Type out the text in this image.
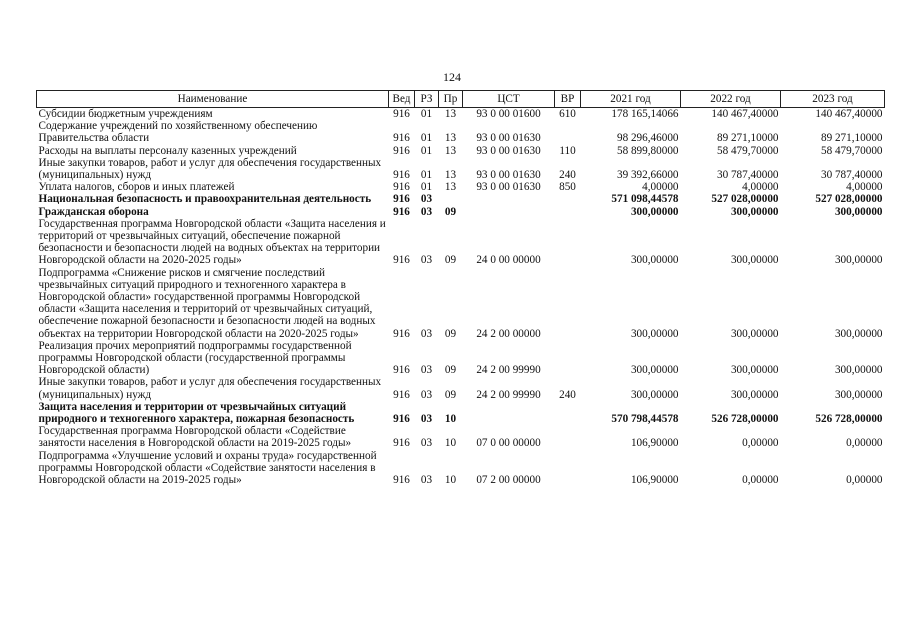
124
Наименование	Вед	РЗ	Пр	ЦСТ	ВР	2021 год	2022 год	2023 год
Субсидии бюджетным учреждениям	916	01	13	93 0 00 01600	610	178 165,14066	140 467,40000	140 467,40000
Содержание учреждений по хозяйственному обеспечению Правительства области	916	01	13	93 0 00 01630		98 296,46000	89 271,10000	89 271,10000
Расходы на выплаты персоналу казенных учреждений	916	01	13	93 0 00 01630	110	58 899,80000	58 479,70000	58 479,70000
Иные закупки товаров, работ и услуг для обеспечения государственных (муниципальных) нужд	916	01	13	93 0 00 01630	240	39 392,66000	30 787,40000	30 787,40000
Уплата налогов, сборов и иных платежей	916	01	13	93 0 00 01630	850	4,00000	4,00000	4,00000
Национальная безопасность и правоохранительная деятельность	916	03				571 098,44578	527 028,00000	527 028,00000
Гражданская оборона	916	03	09			300,00000	300,00000	300,00000
Государственная программа Новгородской области «Защита населения и территорий от чрезвычайных ситуаций, обеспечение пожарной безопасности и безопасности людей на водных объектах на территории Новгородской области на 2020-2025 годы»	916	03	09	24 0 00 00000		300,00000	300,00000	300,00000
Подпрограмма «Снижение рисков и смягчение последствий чрезвычайных ситуаций природного и техногенного характера в Новгородской области» государственной программы Новгородской области «Защита населения и территорий от чрезвычайных ситуаций, обеспечение пожарной безопасности и безопасности людей на водных объектах на территории Новгородской области на 2020-2025 годы»	916	03	09	24 2 00 00000		300,00000	300,00000	300,00000
Реализация прочих мероприятий подпрограммы государственной программы Новгородской области (государственной программы Новгородской области)	916	03	09	24 2 00 99990		300,00000	300,00000	300,00000
Иные закупки товаров, работ и услуг для обеспечения государственных (муниципальных) нужд	916	03	09	24 2 00 99990	240	300,00000	300,00000	300,00000
Защита населения и территории от чрезвычайных ситуаций природного и техногенного характера, пожарная безопасность	916	03	10			570 798,44578	526 728,00000	526 728,00000
Государственная программа Новгородской области «Содействие занятости населения в Новгородской области на 2019-2025 годы»	916	03	10	07 0 00 00000		106,90000	0,00000	0,00000
Подпрограмма «Улучшение условий и охраны труда» государственной программы Новгородской области «Содействие занятости населения в Новгородской области на 2019-2025 годы»	916	03	10	07 2 00 00000		106,90000	0,00000	0,00000
